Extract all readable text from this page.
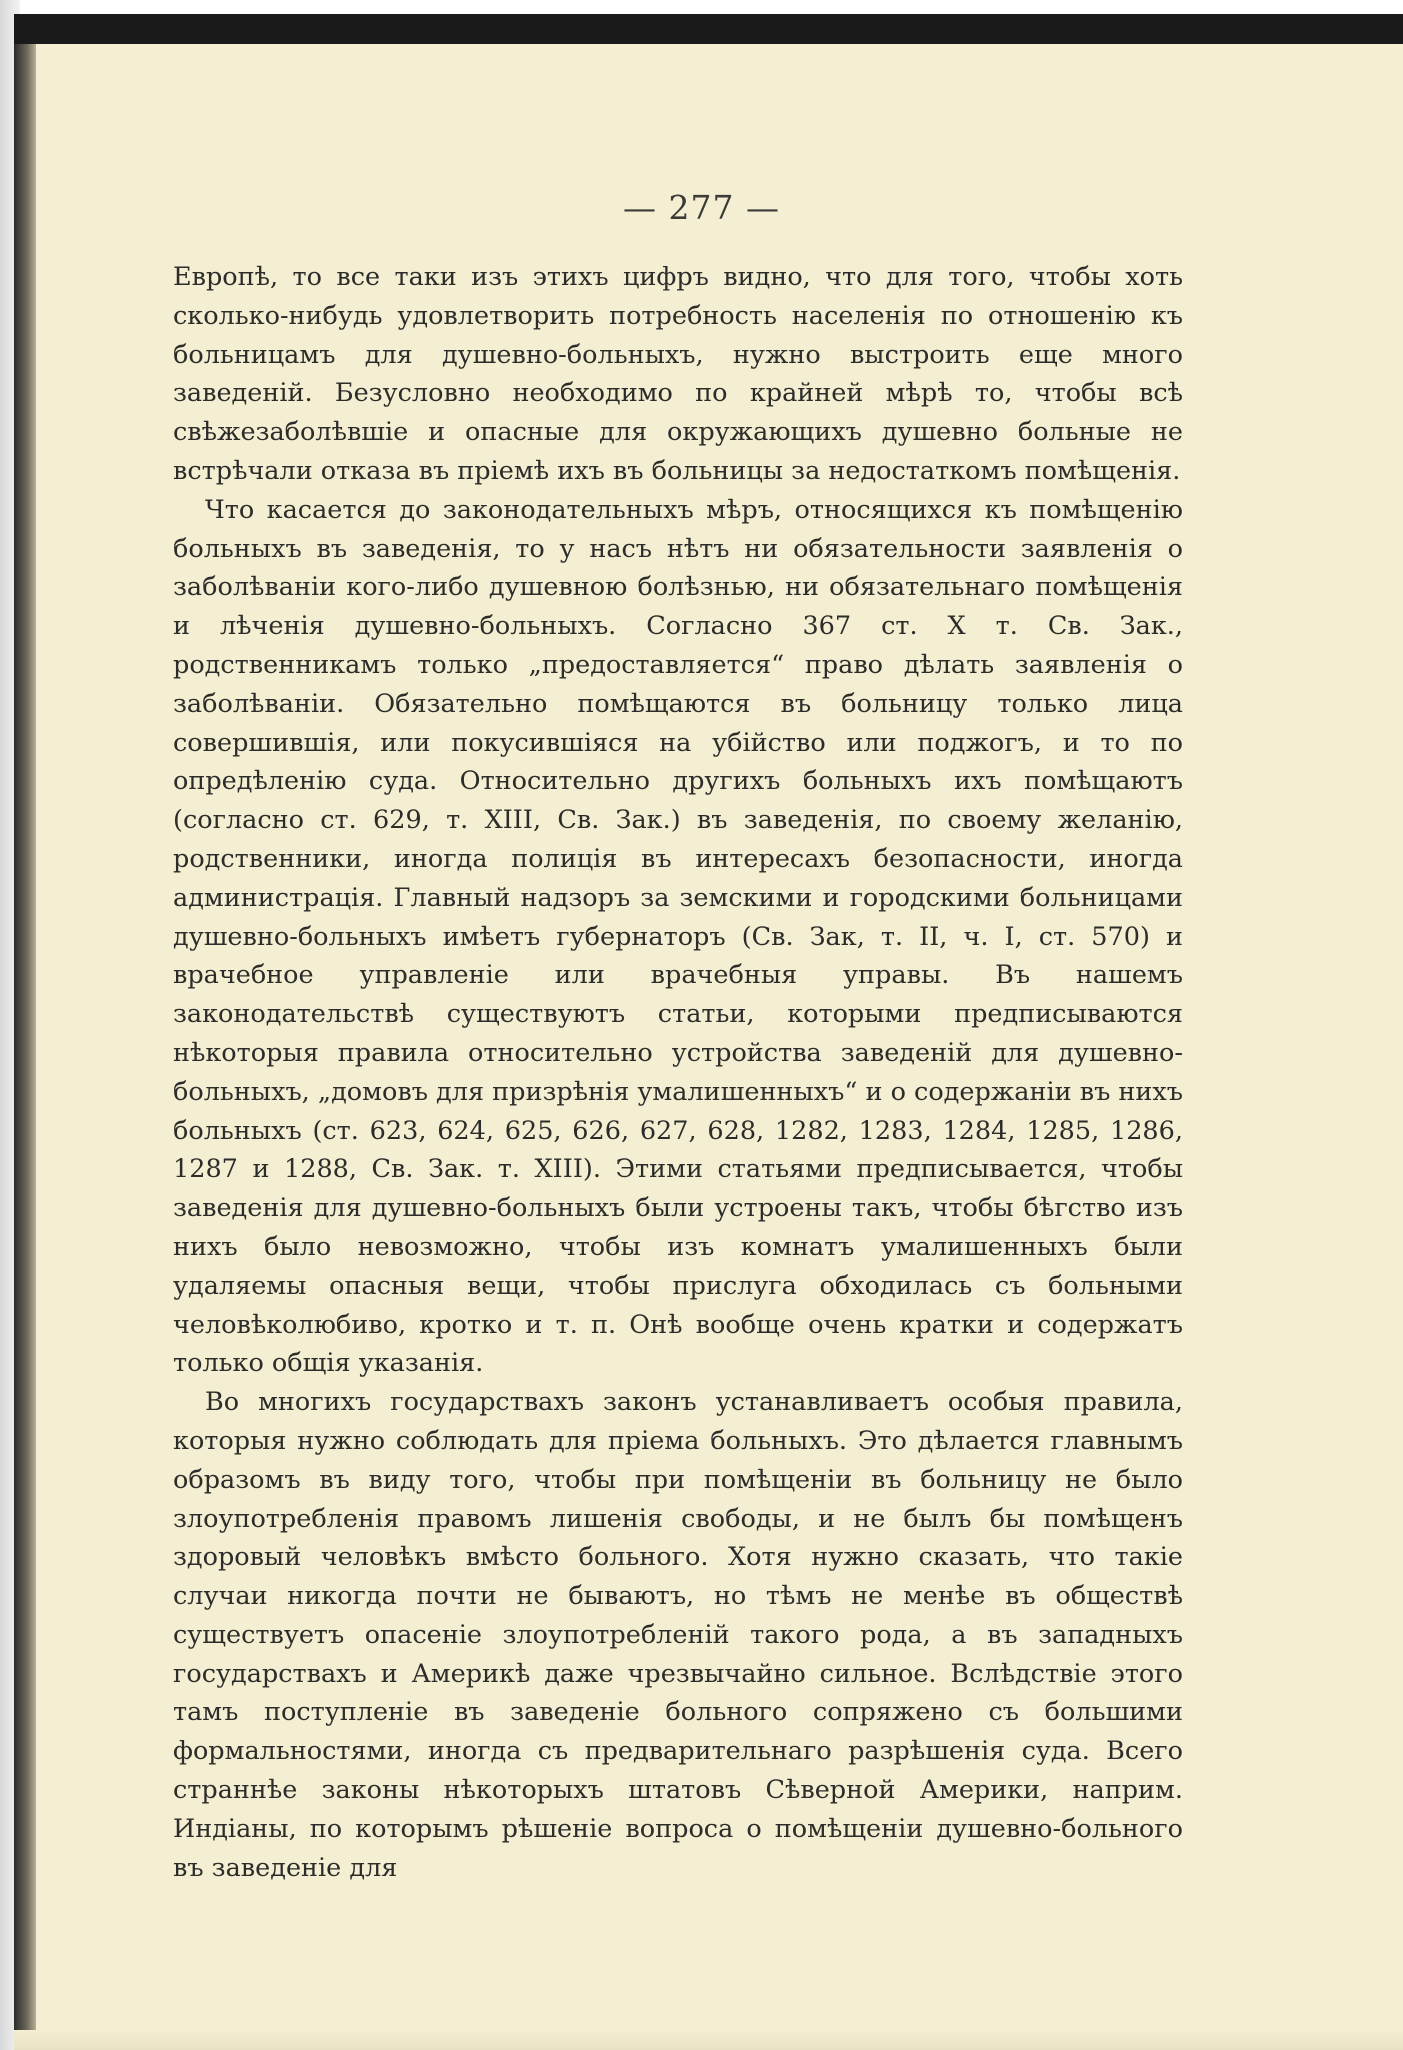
— 277 —

Европѣ, то все таки изъ этихъ цифръ видно, что для того, чтобы хоть сколько-нибудь удовлетворить потребность населенія по отношенію къ больницамъ для душевно-больныхъ, нужно выстроить еще много заведеній. Безусловно необходимо по крайней мѣрѣ то, чтобы всѣ свѣжезаболѣвшіе и опасные для окружающихъ душевно больные не встрѣчали отказа въ пріемѣ ихъ въ больницы за недостаткомъ помѣщенія.

Что касается до законодательныхъ мѣръ, относящихся къ помѣщенію больныхъ въ заведенія, то у насъ нѣтъ ни обязательности заявленія о заболѣваніи кого-либо душевною болѣзнью, ни обязательнаго помѣщенія и лѣченія душевно-больныхъ. Согласно 367 ст. X т. Св. Зак., родственникамъ только „предоставляется“ право дѣлать заявленія о заболѣваніи. Обязательно помѣщаются въ больницу только лица совершившія, или покусившіяся на убійство или поджогъ, и то по опредѣленію суда. Относительно другихъ больныхъ ихъ помѣщаютъ (согласно ст. 629, т. XIII, Св. Зак.) въ заведенія, по своему желанію, родственники, иногда полиція въ интересахъ безопасности, иногда администрація. Главный надзоръ за земскими и городскими больницами душевно-больныхъ имѣетъ губернаторъ (Св. Зак, т. II, ч. I, ст. 570) и врачебное управленіе или врачебныя управы. Въ нашемъ законодательствѣ существуютъ статьи, которыми предписываются нѣкоторыя правила относительно устройства заведеній для душевно-больныхъ, „домовъ для призрѣнія умалишенныхъ“ и о содержаніи въ нихъ больныхъ (ст. 623, 624, 625, 626, 627, 628, 1282, 1283, 1284, 1285, 1286, 1287 и 1288, Св. Зак. т. XIII). Этими статьями предписывается, чтобы заведенія для душевно-больныхъ были устроены такъ, чтобы бѣгство изъ нихъ было невозможно, чтобы изъ комнатъ умалишенныхъ были удаляемы опасныя вещи, чтобы прислуга обходилась съ больными человѣколюбиво, кротко и т. п. Онѣ вообще очень кратки и содержатъ только общія указанія.

Во многихъ государствахъ законъ устанавливаетъ особыя правила, которыя нужно соблюдать для пріема больныхъ. Это дѣлается главнымъ образомъ въ виду того, чтобы при помѣщеніи въ больницу не было злоупотребленія правомъ лишенія свободы, и не былъ бы помѣщенъ здоровый человѣкъ вмѣсто больного. Хотя нужно сказать, что такіе случаи никогда почти не бываютъ, но тѣмъ не менѣе въ обществѣ существуетъ опасеніе злоупотребленій такого рода, а въ западныхъ государствахъ и Америкѣ даже чрезвычайно сильное. Вслѣдствіе этого тамъ поступленіе въ заведеніе больного сопряжено съ большими формальностями, иногда съ предварительнаго разрѣшенія суда. Всего страннѣе законы нѣкоторыхъ штатовъ Сѣверной Америки, наприм. Индіаны, по которымъ рѣшеніе вопроса о помѣщеніи душевно-больного въ заведеніе для
